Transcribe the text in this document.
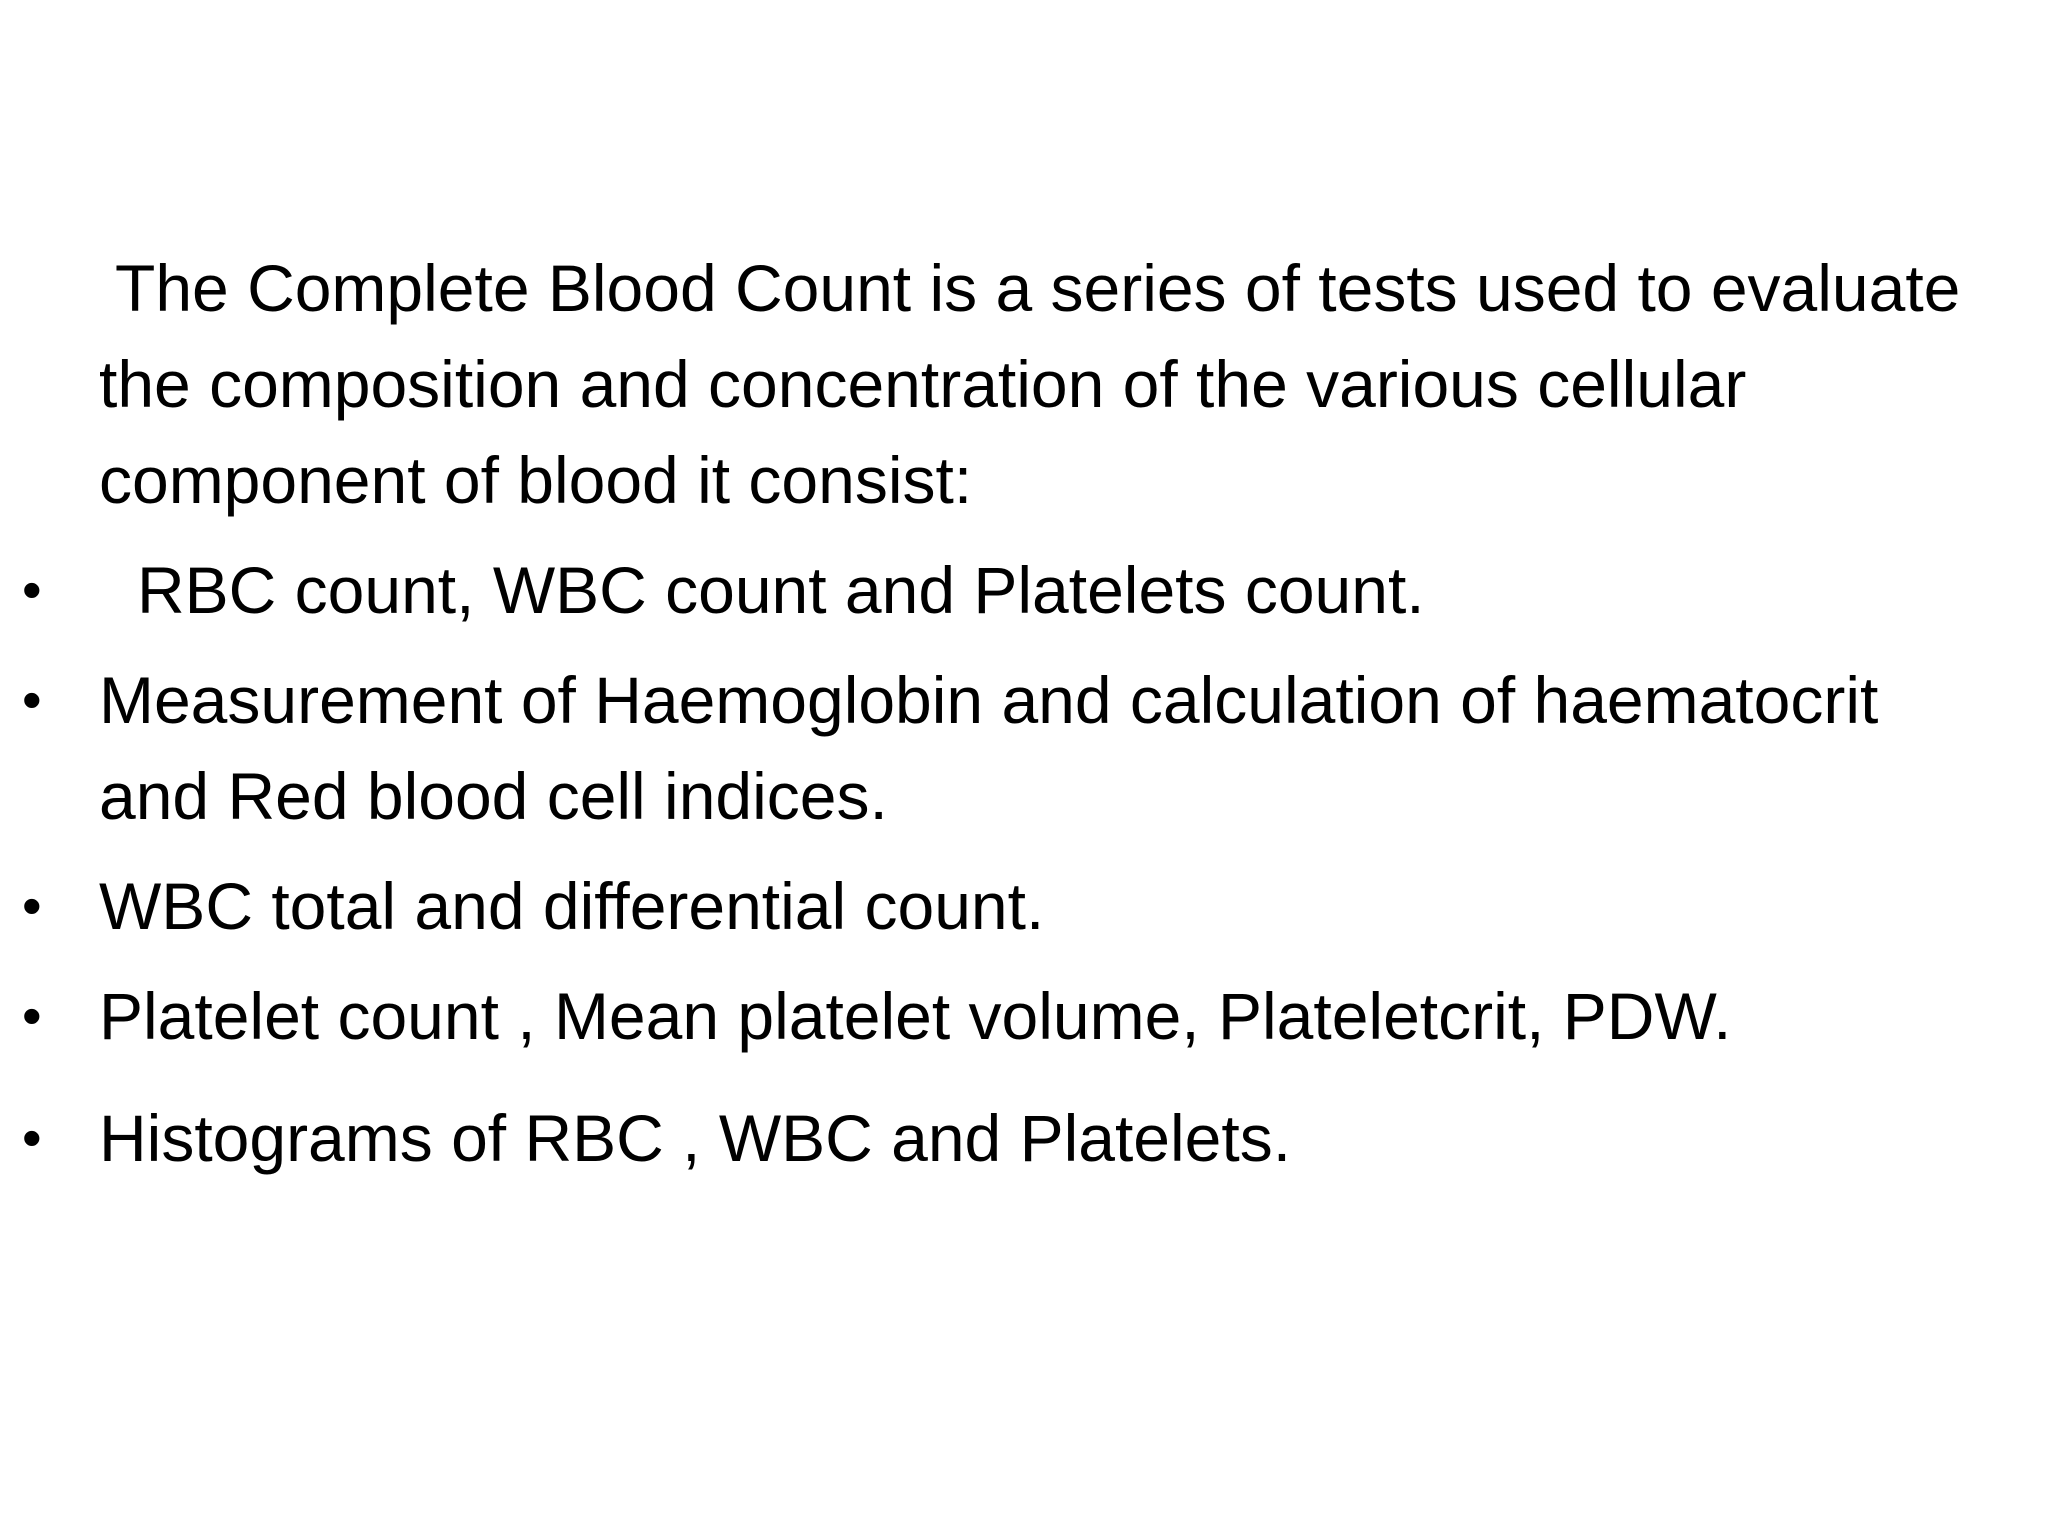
The Complete Blood Count is a series of tests used to evaluate the composition and concentration of the various cellular component of blood it consist:

• RBC count, WBC count and Platelets count.
• Measurement of Haemoglobin and calculation of haematocrit and Red blood cell indices.
• WBC total and differential count.
• Platelet count , Mean platelet volume, Plateletcrit, PDW.
• Histograms of RBC , WBC and Platelets.
